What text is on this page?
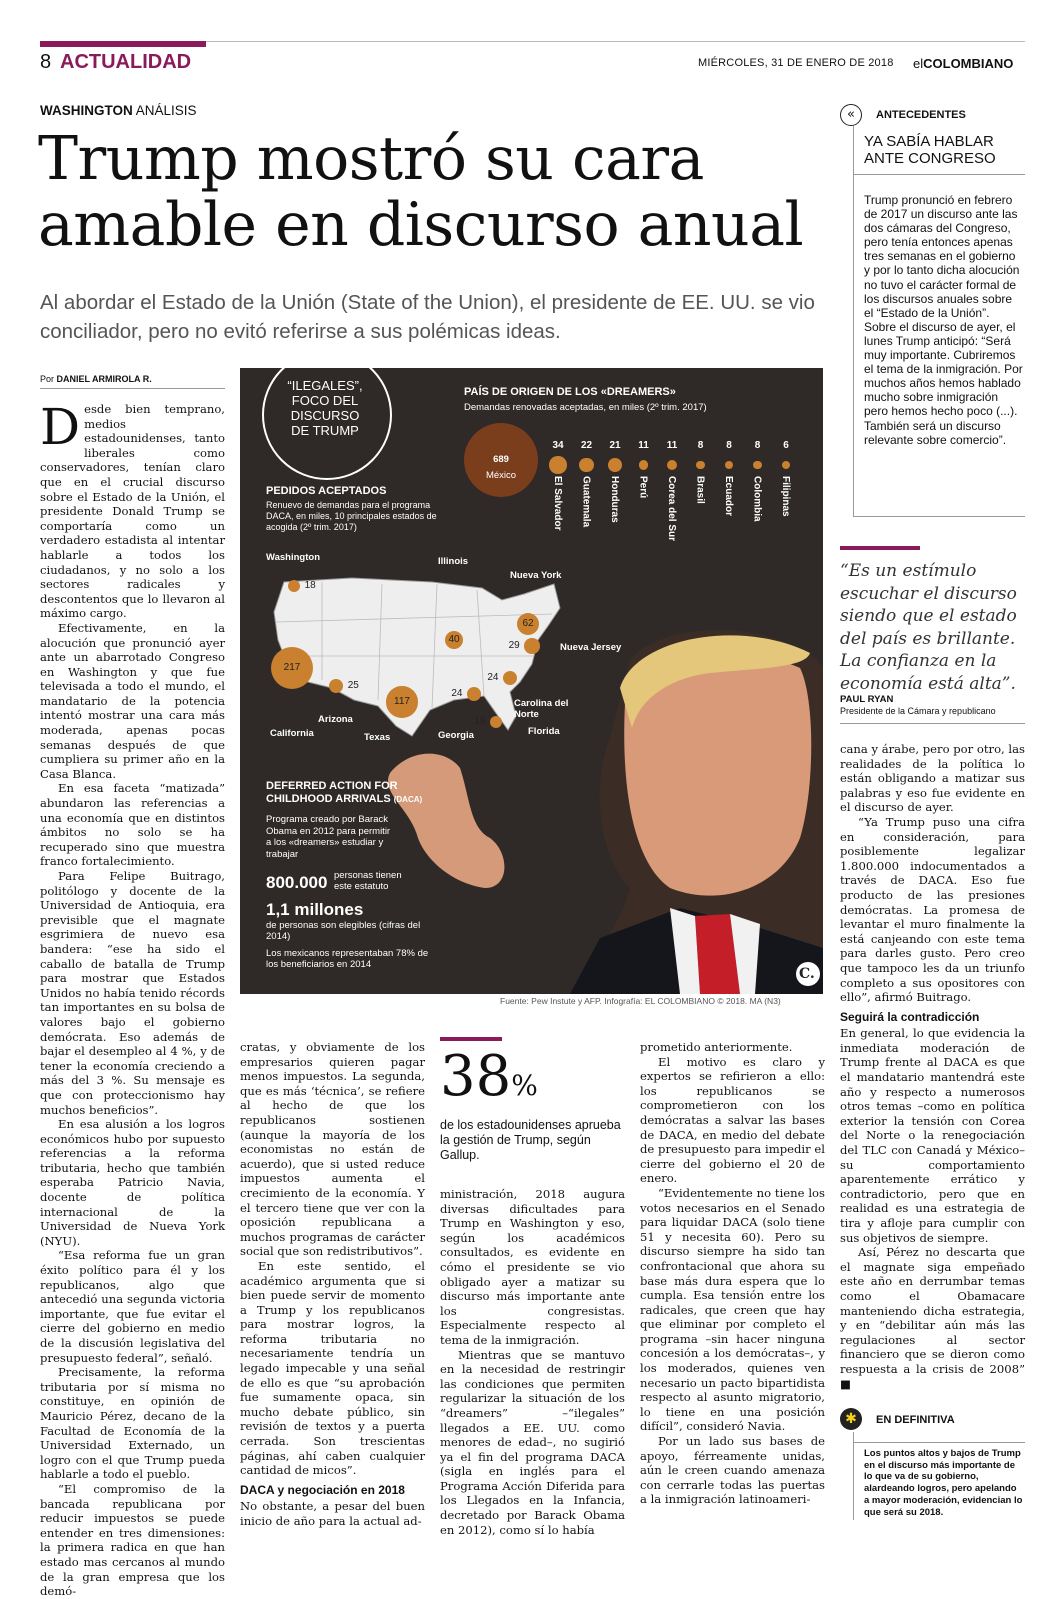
8 ACTUALIDAD	MIÉRCOLES, 31 DE ENERO DE 2018 elCOLOMBIANO
WASHINGTON ANÁLISIS
Trump mostró su cara
amable en discurso anual
Al abordar el Estado de la Unión (State of the Union), el presidente de EE. UU. se vio conciliador, pero no evitó referirse a sus polémicas ideas.
Por DANIEL ARMIROLA R.

Desde bien temprano, medios estadounidenses, tanto liberales como conservadores, tenían claro que en el crucial discurso sobre el Estado de la Unión, el presidente Donald Trump se comportaría como un verdadero estadista al intentar hablarle a todos los ciudadanos, y no solo a los sectores radicales y descontentos que lo llevaron al máximo cargo.

Efectivamente, en la alocución que pronunció ayer ante un abarrotado Congreso en Washington y que fue televisada a todo el mundo, el mandatario de la potencia intentó mostrar una cara más moderada, apenas pocas semanas después de que cumpliera su primer año en la Casa Blanca.

En esa faceta “matizada” abundaron las referencias a una economía que en distintos ámbitos no solo se ha recuperado sino que muestra franco fortalecimiento.

Para Felipe Buitrago, politólogo y docente de la Universidad de Antioquia, era previsible que el magnate esgrimiera de nuevo esa bandera: “ese ha sido el caballo de batalla de Trump para mostrar que Estados Unidos no había tenido récords tan importantes en su bolsa de valores bajo el gobierno demócrata. Eso además de bajar el desempleo al 4 %, y de tener la economía creciendo a más del 3 %. Su mensaje es que con proteccionismo hay muchos beneficios”.

En esa alusión a los logros económicos hubo por supuesto referencias a la reforma tributaria, hecho que también esperaba Patricio Navia, docente de política internacional de la Universidad de Nueva York (NYU).

“Esa reforma fue un gran éxito político para él y los republicanos, algo que antecedió una segunda victoria importante, que fue evitar el cierre del gobierno en medio de la discusión legislativa del presupuesto federal”, señaló.

Precisamente, la reforma tributaria por sí misma no constituye, en opinión de Mauricio Pérez, decano de la Facultad de Economía de la Universidad Externado, un logro con el que Trump pueda hablarle a todo el pueblo.

“El compromiso de la bancada republicana por reducir impuestos se puede entender en tres dimensiones: la primera radica en que han estado mas cercanos al mundo de la gran empresa que los demó-

“ILEGALES”,
FOCO DEL
DISCURSO
DE TRUMP
PAÍS DE ORIGEN DE LOS «DREAMERS»
Demandas renovadas aceptadas, en miles (2º trim. 2017)
689
México
34
El Salvador
22
Guatemala
21
Honduras
11
Perú
11
Corea del Sur
8
Brasil
8
Ecuador
8
Colombia
6
Filipinas
PEDIDOS ACEPTADOS
Renuevo de demandas para el programa DACA, en miles, 10 principales estados de acogida (2º trim. 2017)
18
Washington
40
Illinois
62
Nueva York
29	Nueva Jersey
217
California
25
Arizona
117
Texas
24
Georgia
24
Carolina del Norte
18
Florida
DEFERRED ACTION FOR
CHILDHOOD ARRIVALS (DACA)
Programa creado por Barack Obama en 2012 para permitir a los «dreamers» estudiar y trabajar
800.000 personas tienen este estatuto
1,1 millones
de personas son elegibles (cifras del 2014)
Los mexicanos representaban 78% de los beneficiarios en 2014
C.
Fuente: Pew Instute y AFP. Infografía: EL COLOMBIANO © 2018. MA (N3)

cratas, y obviamente de los empresarios quieren pagar menos impuestos. La segunda, que es más ‘técnica’, se refiere al hecho de que los republicanos sostienen (aunque la mayoría de los economistas no están de acuerdo), que si usted reduce impuestos aumenta el crecimiento de la economía. Y el tercero tiene que ver con la oposición republicana a muchos programas de carácter social que son redistributivos”.

En este sentido, el académico argumenta que si bien puede servir de momento a Trump y los republicanos para mostrar logros, la reforma tributaria no necesariamente tendría un legado impecable y una señal de ello es que “su aprobación fue sumamente opaca, sin mucho debate público, sin revisión de textos y a puerta cerrada. Son trescientas páginas, ahí caben cualquier cantidad de micos”.

DACA y negociación en 2018

No obstante, a pesar del buen inicio de año para la actual ad-

38%
de los estadounidenses aprueba la gestión de Trump, según Gallup.

ministración, 2018 augura diversas dificultades para Trump en Washington y eso, según los académicos consultados, es evidente en cómo el presidente se vio obligado ayer a matizar su discurso más importante ante los congresistas. Especialmente respecto al tema de la inmigración.

Mientras que se mantuvo en la necesidad de restringir las condiciones que permiten regularizar la situación de los “dreamers” –“ilegales” llegados a EE. UU. como menores de edad–, no sugirió ya el fin del programa DACA (sigla en inglés para el Programa Acción Diferida para los Llegados en la Infancia, decretado por Barack Obama en 2012), como sí lo había

prometido anteriormente.

El motivo es claro y expertos se refirieron a ello: los republicanos se comprometieron con los demócratas a salvar las bases de DACA, en medio del debate de presupuesto para impedir el cierre del gobierno el 20 de enero.

“Evidentemente no tiene los votos necesarios en el Senado para liquidar DACA (solo tiene 51 y necesita 60). Pero su discurso siempre ha sido tan confrontacional que ahora su base más dura espera que lo cumpla. Esa tensión entre los radicales, que creen que hay que eliminar por completo el programa –sin hacer ninguna concesión a los demócratas–, y los moderados, quienes ven necesario un pacto bipartidista respecto al asunto migratorio, lo tiene en una posición difícil”, consideró Navia.

Por un lado sus bases de apoyo, férreamente unidas, aún le creen cuando amenaza con cerrarle todas las puertas a la inmigración latinoameri-

«	ANTECEDENTES
YA SABÍA HABLAR
ANTE CONGRESO
Trump pronunció en febrero de 2017 un discurso ante las dos cámaras del Congreso, pero tenía entonces apenas tres semanas en el gobierno y por lo tanto dicha alocución no tuvo el carácter formal de los discursos anuales sobre el “Estado de la Unión”.
Sobre el discurso de ayer, el lunes Trump anticipó: “Será muy importante. Cubriremos el tema de la inmigración. Por muchos años hemos hablado mucho sobre inmigración pero hemos hecho poco (...). También será un discurso relevante sobre comercio”.
“Es un estímulo escuchar el discurso siendo que el estado del país es brillante. La confianza en la economía está alta”.
PAUL RYAN
Presidente de la Cámara y republicano

cana y árabe, pero por otro, las realidades de la política lo están obligando a matizar sus palabras y eso fue evidente en el discurso de ayer.

“Ya Trump puso una cifra en consideración, para posiblemente legalizar 1.800.000 indocumentados a través de DACA. Eso fue producto de las presiones demócratas. La promesa de levantar el muro finalmente la está canjeando con este tema para darles gusto. Pero creo que tampoco les da un triunfo completo a sus opositores con ello”, afirmó Buitrago.

Seguirá la contradicción

En general, lo que evidencia la inmediata moderación de Trump frente al DACA es que el mandatario mantendrá este año y respecto a numerosos otros temas –como en política exterior la tensión con Corea del Norte o la renegociación del TLC con Canadá y México– su comportamiento aparentemente errático y contradictorio, pero que en realidad es una estrategia de tira y afloje para cumplir con sus objetivos de siempre.

Así, Pérez no descarta que el magnate siga empeñado este año en derrumbar temas como el Obamacare manteniendo dicha estrategia, y en “debilitar aún más las regulaciones al sector financiero que se dieron como respuesta a la crisis de 2008” ■

✱	EN DEFINITIVA
Los puntos altos y bajos de Trump en el discurso más importante de lo que va de su gobierno, alardeando logros, pero apelando a mayor moderación, evidencian lo que será su 2018.
